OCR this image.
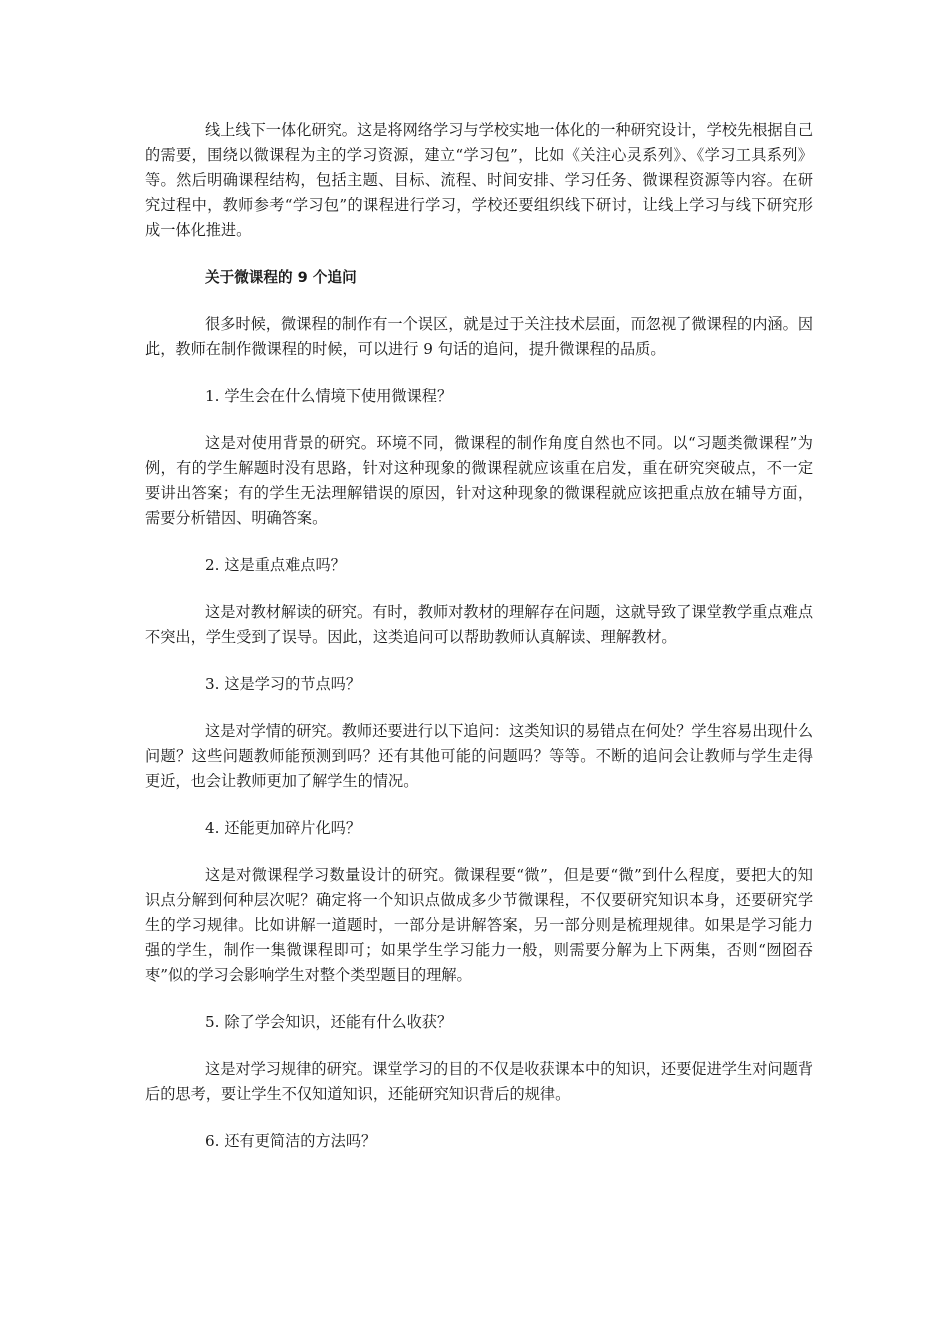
线上线下一体化研究。这是将网络学习与学校实地一体化的一种研究设计，学校先根据自己的需要，围绕以微课程为主的学习资源，建立“学习包”，比如《关注心灵系列》、《学习工具系列》等。然后明确课程结构，包括主题、目标、流程、时间安排、学习任务、微课程资源等内容。在研究过程中，教师参考“学习包”的课程进行学习，学校还要组织线下研讨，让线上学习与线下研究形成一体化推进。

关于微课程的 9 个追问

很多时候，微课程的制作有一个误区，就是过于关注技术层面，而忽视了微课程的内涵。因此，教师在制作微课程的时候，可以进行 9 句话的追问，提升微课程的品质。

1. 学生会在什么情境下使用微课程？

这是对使用背景的研究。环境不同，微课程的制作角度自然也不同。以“习题类微课程”为例，有的学生解题时没有思路，针对这种现象的微课程就应该重在启发，重在研究突破点，不一定要讲出答案；有的学生无法理解错误的原因，针对这种现象的微课程就应该把重点放在辅导方面，需要分析错因、明确答案。

2. 这是重点难点吗？

这是对教材解读的研究。有时，教师对教材的理解存在问题，这就导致了课堂教学重点难点不突出，学生受到了误导。因此，这类追问可以帮助教师认真解读、理解教材。

3. 这是学习的节点吗？

这是对学情的研究。教师还要进行以下追问：这类知识的易错点在何处？学生容易出现什么问题？这些问题教师能预测到吗？还有其他可能的问题吗？等等。不断的追问会让教师与学生走得更近，也会让教师更加了解学生的情况。

4. 还能更加碎片化吗？

这是对微课程学习数量设计的研究。微课程要“微”，但是要“微”到什么程度，要把大的知识点分解到何种层次呢？确定将一个知识点做成多少节微课程，不仅要研究知识本身，还要研究学生的学习规律。比如讲解一道题时，一部分是讲解答案，另一部分则是梳理规律。如果是学习能力强的学生，制作一集微课程即可；如果学生学习能力一般，则需要分解为上下两集，否则“囫囵吞枣”似的学习会影响学生对整个类型题目的理解。

5. 除了学会知识，还能有什么收获？

这是对学习规律的研究。课堂学习的目的不仅是收获课本中的知识，还要促进学生对问题背后的思考，要让学生不仅知道知识，还能研究知识背后的规律。

6. 还有更简洁的方法吗？
